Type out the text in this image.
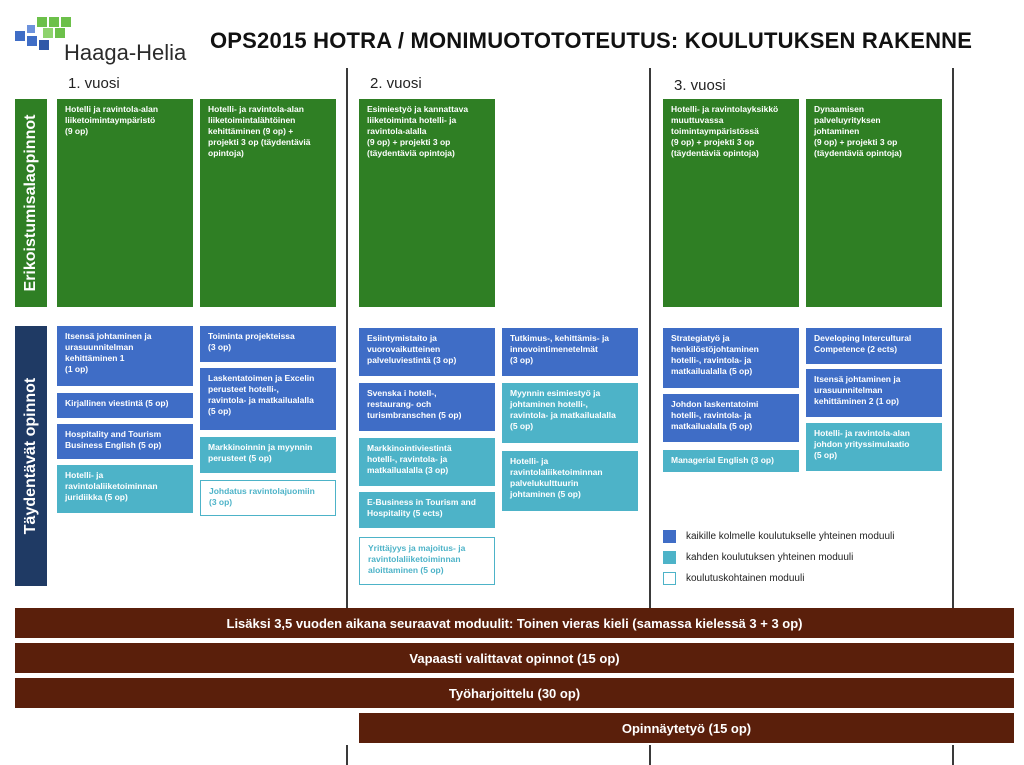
Haaga-Helia OPS2015 HOTRA / MONIMUOTOTOTEUTUS: KOULUTUKSEN RAKENNE
1. vuosi	2. vuosi	3. vuosi
Erikoistumisalaopinnot
Täydentävät opinnot
Hotelli ja ravintola-alan
liiketoimintaympäristö
(9 op)
Hotelli- ja ravintola-alan
liiketoimintalähtöinen
kehittäminen (9 op) +
projekti 3 op (täydentäviä
opintoja)
Esimiestyö ja kannattava
liiketoiminta hotelli- ja
ravintola-alalla
(9 op) + projekti 3 op
(täydentäviä opintoja)
Hotelli- ja ravintolayksikkö
muuttuvassa
toimintaympäristössä
(9 op) + projekti 3 op
(täydentäviä opintoja)
Dynaamisen
palveluyrityksen
johtaminen
(9 op) + projekti 3 op
(täydentäviä opintoja)
Itsensä johtaminen ja
urasuunnitelman
kehittäminen 1
(1 op)
Kirjallinen viestintä (5 op)
Hospitality and Tourism
Business English (5 op)
Hotelli- ja
ravintolaliiketoiminnan
juridiikka (5 op)
Toiminta projekteissa
(3 op)
Laskentatoimen ja Excelin
perusteet hotelli-,
ravintola- ja matkailualalla
(5 op)
Markkinoinnin ja myynnin
perusteet (5 op)
Johdatus ravintolajuomiin
(3 op)
Esiintymistaito ja
vuorovaikutteinen
palveluviestintä (3 op)
Svenska i hotell-,
restaurang- och
turismbranschen (5 op)
Markkinointiviestintä
hotelli-, ravintola- ja
matkailualalla (3 op)
E-Business in Tourism and
Hospitality (5 ects)
Yrittäjyys ja majoitus- ja
ravintolaliiketoiminnan
aloittaminen (5 op)
Tutkimus-, kehittämis- ja
innovointimenetelmät
(3 op)
Myynnin esimiestyö ja
johtaminen hotelli-,
ravintola- ja matkailualalla
(5 op)
Hotelli- ja
ravintolaliiketoiminnan
palvelukulttuurin
johtaminen (5 op)
Strategiatyö ja
henkilöstöjohtaminen
hotelli-, ravintola- ja
matkailualalla (5 op)
Johdon laskentatoimi
hotelli-, ravintola- ja
matkailualalla (5 op)
Managerial English (3 op)
Developing Intercultural
Competence (2 ects)
Itsensä johtaminen ja
urasuunnitelman
kehittäminen 2 (1 op)
Hotelli- ja ravintola-alan
johdon yrityssimulaatio
(5 op)
kaikille kolmelle koulutukselle yhteinen moduuli
kahden koulutuksen yhteinen moduuli
koulutuskohtainen moduuli
Lisäksi 3,5 vuoden aikana seuraavat moduulit: Toinen vieras kieli (samassa kielessä 3 + 3 op)
Vapaasti valittavat opinnot (15 op)
Työharjoittelu (30 op)
Opinnäytetyö (15 op)
